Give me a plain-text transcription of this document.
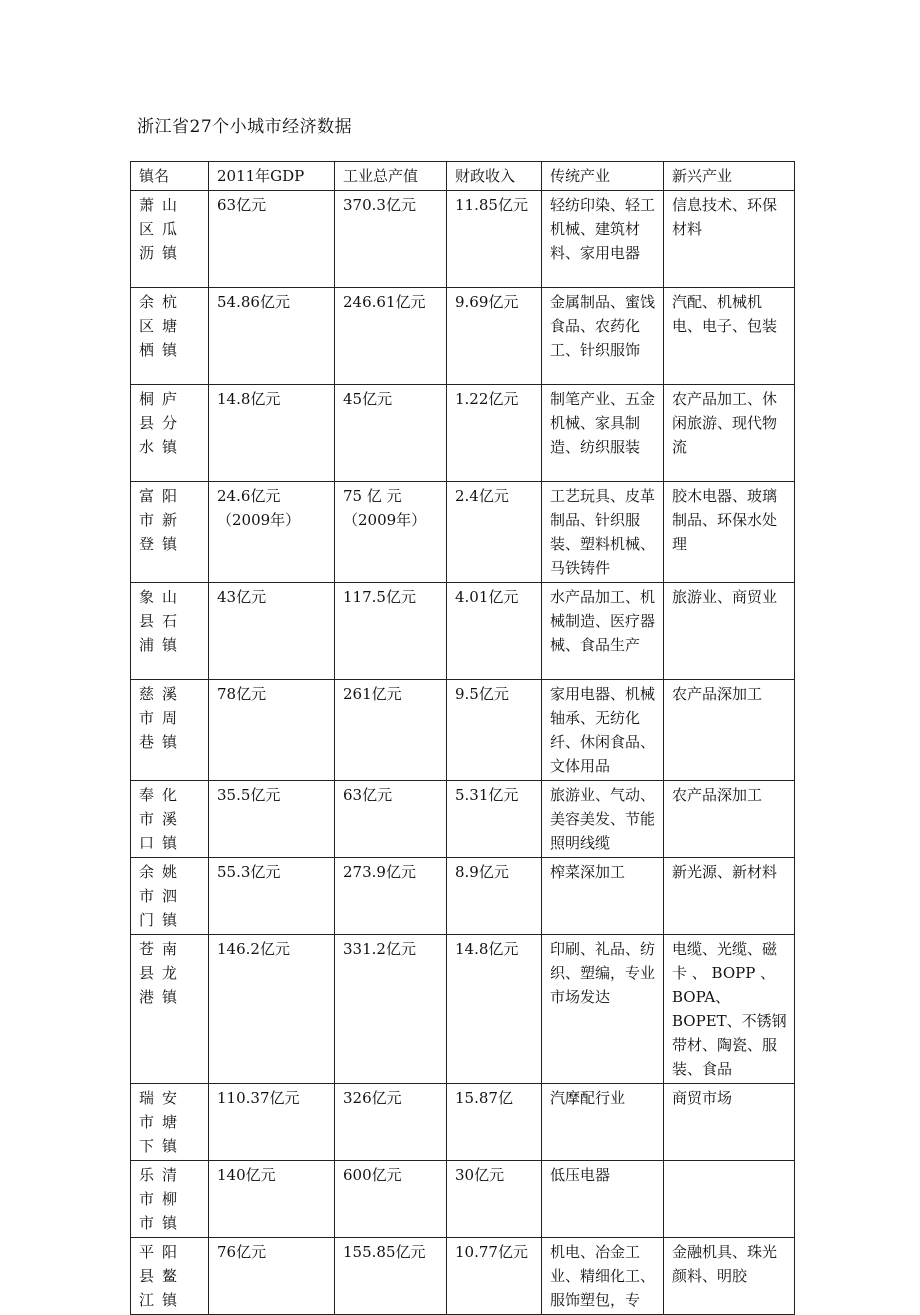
浙江省27个小城市经济数据
镇名	2011年GDP	工业总产值	财政收入	传统产业	新兴产业
萧山区瓜沥镇	63亿元	370.3亿元	11.85亿元	轻纺印染、轻工机械、建筑材料、家用电器	信息技术、环保材料
余杭区塘栖镇	54.86亿元	246.61亿元	9.69亿元	金属制品、蜜饯食品、农药化工、针织服饰	汽配、机械机电、电子、包装
桐庐县分水镇	14.8亿元	45亿元	1.22亿元	制笔产业、五金机械、家具制造、纺织服装	农产品加工、休闲旅游、现代物流
富阳市新登镇	24.6亿元（2009年）	75 亿 元（2009年）	2.4亿元	工艺玩具、皮革制品、针织服装、塑料机械、马铁铸件	胶木电器、玻璃制品、环保水处理
象山县石浦镇	43亿元	117.5亿元	4.01亿元	水产品加工、机械制造、医疗器械、食品生产	旅游业、商贸业
慈溪市周巷镇	78亿元	261亿元	9.5亿元	家用电器、机械轴承、无纺化纤、休闲食品、文体用品	农产品深加工
奉化市溪口镇	35.5亿元	63亿元	5.31亿元	旅游业、气动、美容美发、节能照明线缆	农产品深加工
余姚市泗门镇	55.3亿元	273.9亿元	8.9亿元	榨菜深加工	新光源、新材料
苍南县龙港镇	146.2亿元	331.2亿元	14.8亿元	印刷、礼品、纺织、塑编，专业市场发达	电缆、光缆、磁卡 、 BOPP 、BOPA、BOPET、不锈钢带材、陶瓷、服装、食品
瑞安市塘下镇	110.37亿元	326亿元	15.87亿	汽摩配行业	商贸市场
乐清市柳市镇	140亿元	600亿元	30亿元	低压电器	
平阳县鳌江镇	76亿元	155.85亿元	10.77亿元	机电、冶金工业、精细化工、服饰塑包，专	金融机具、珠光颜料、明胶
